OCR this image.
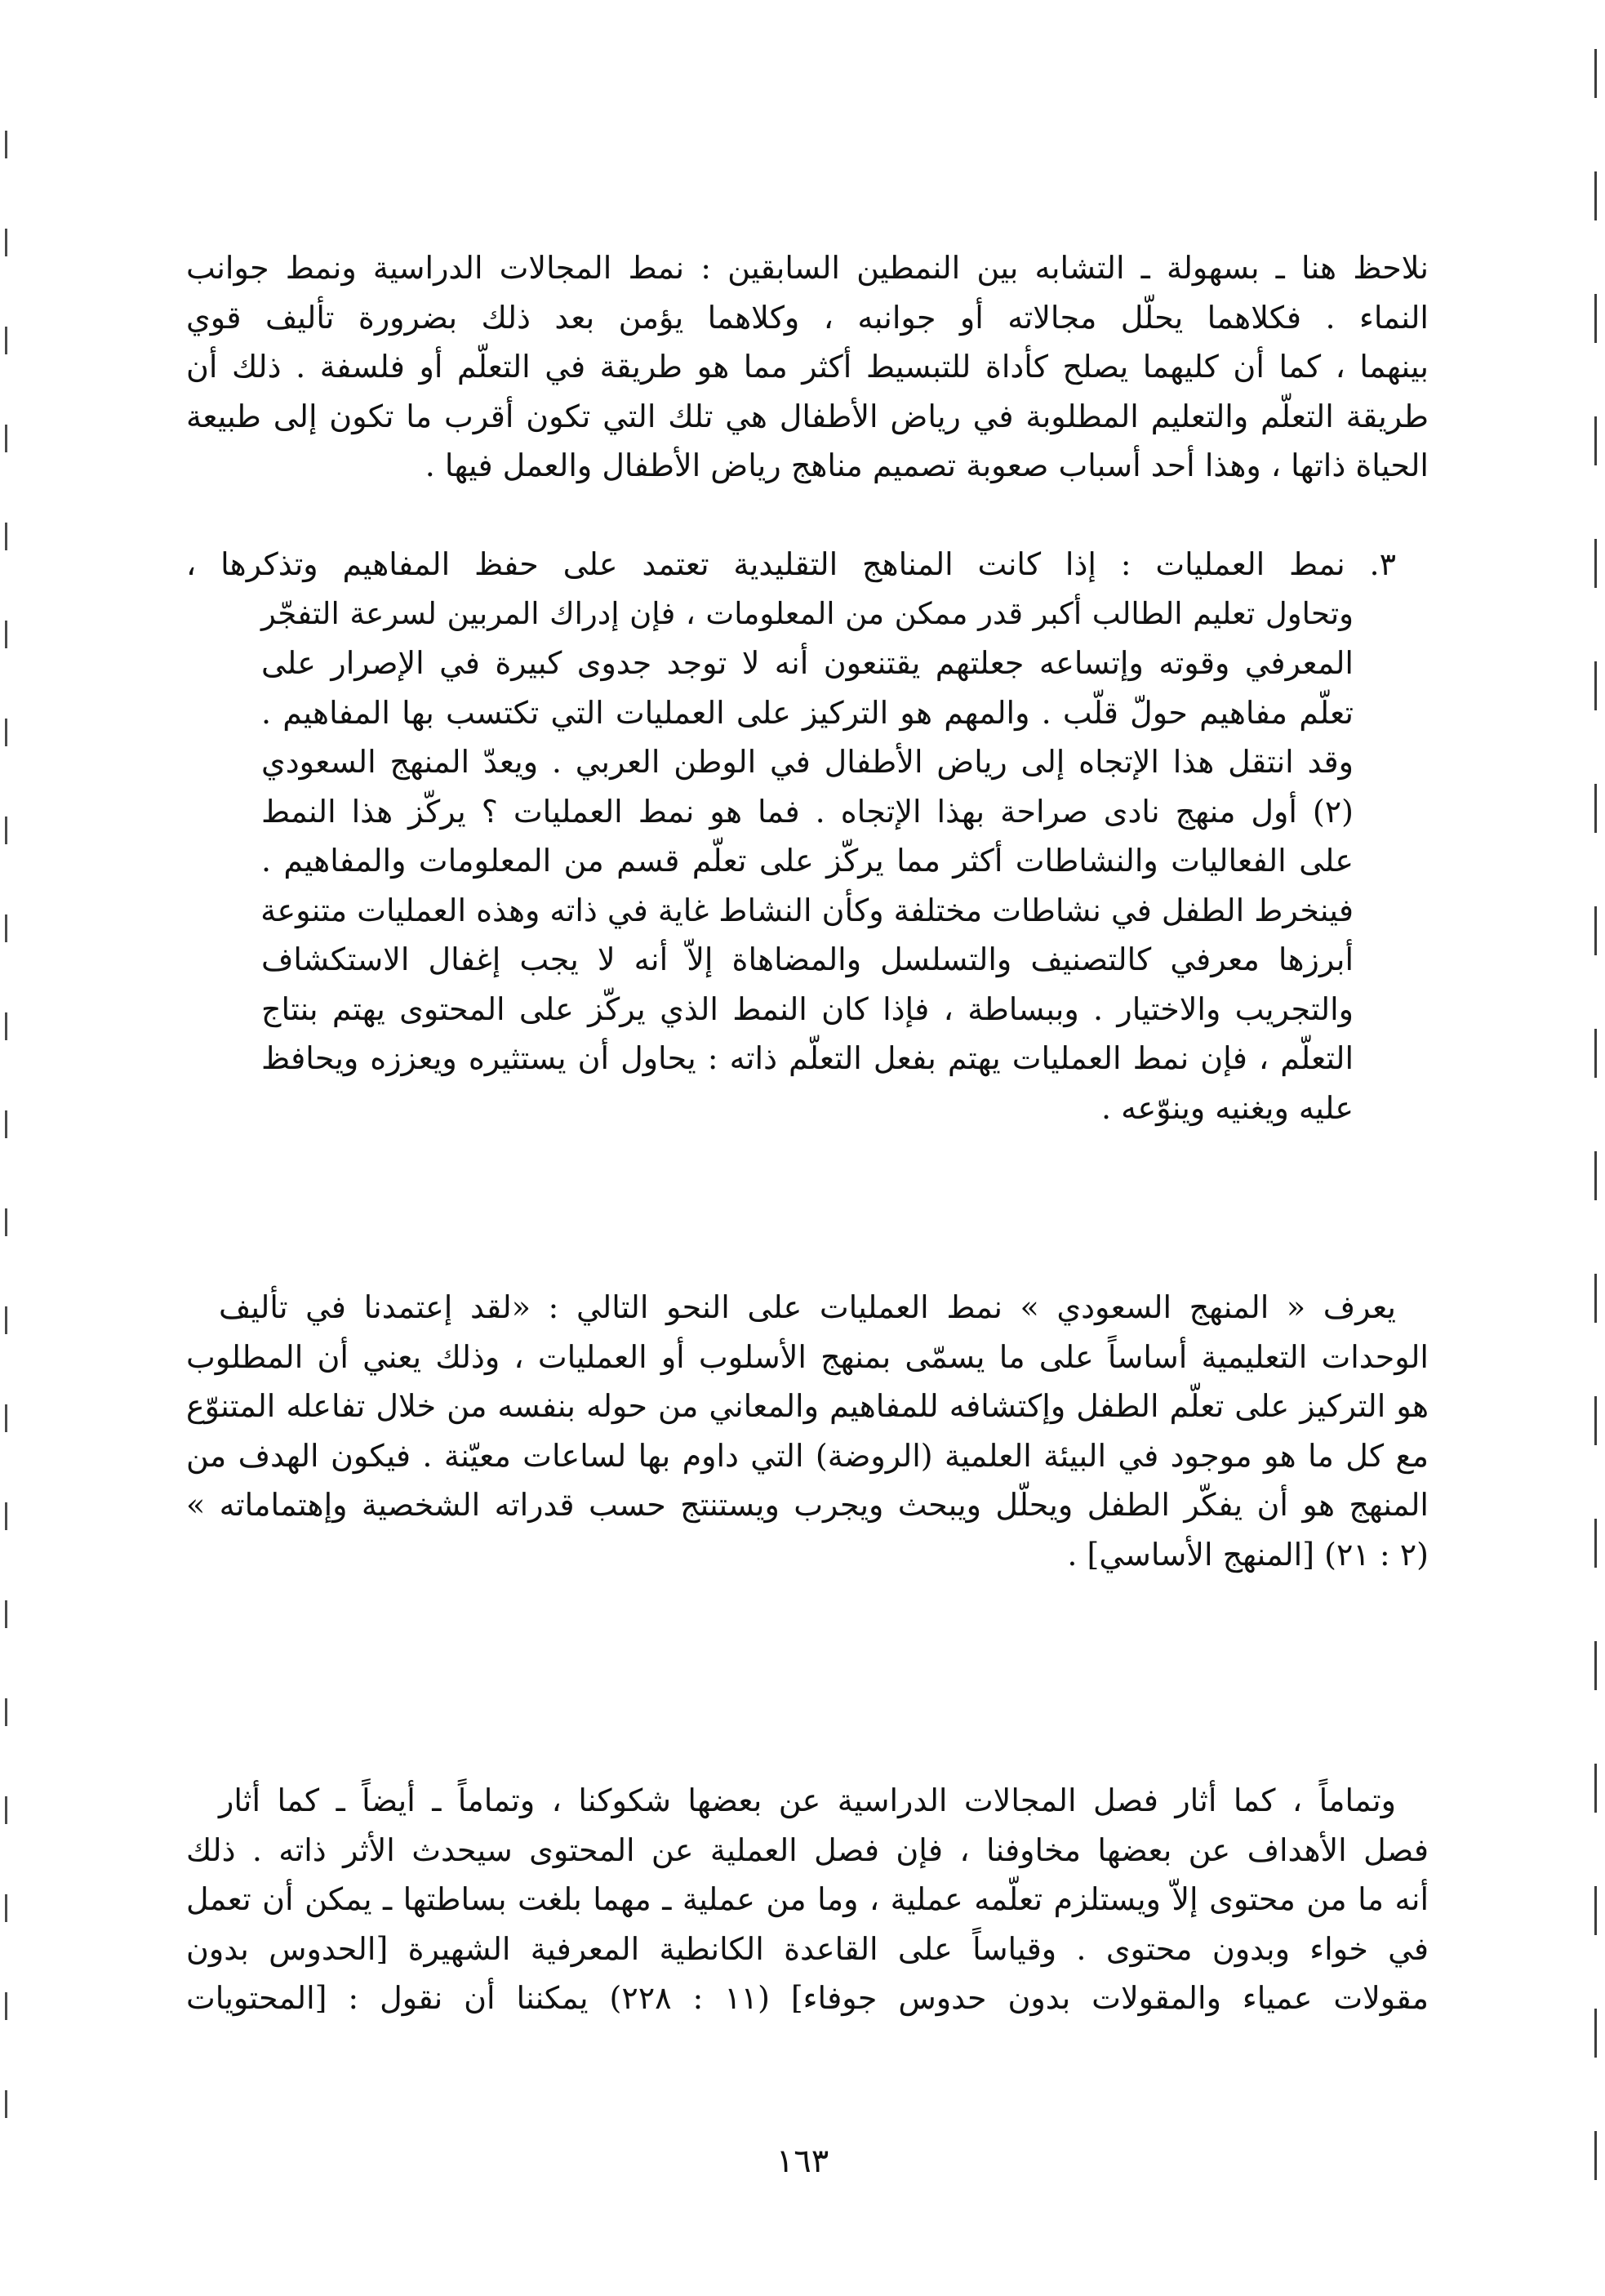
نلاحظ هنا ـ بسهولة ـ التشابه بين النمطين السابقين : نمط المجالات الدراسية ونمط جوانب
النماء . فكلاهما يحلّل مجالاته أو جوانبه ، وكلاهما يؤمن بعد ذلك بضرورة تأليف قوي
بينهما ، كما أن كليهما يصلح كأداة للتبسيط أكثر مما هو طريقة في التعلّم أو فلسفة . ذلك أن
طريقة التعلّم والتعليم المطلوبة في رياض الأطفال هي تلك التي تكون أقرب ما تكون إلى طبيعة
الحياة ذاتها ، وهذا أحد أسباب صعوبة تصميم مناهج رياض الأطفال والعمل فيها .
٣. نمط العمليات : إذا كانت المناهج التقليدية تعتمد على حفظ المفاهيم وتذكرها ،
وتحاول تعليم الطالب أكبر قدر ممكن من المعلومات ، فإن إدراك المربين لسرعة التفجّر
المعرفي وقوته وإتساعه جعلتهم يقتنعون أنه لا توجد جدوى كبيرة في الإصرار على
تعلّم مفاهيم حولّ قلّب . والمهم هو التركيز على العمليات التي تكتسب بها المفاهيم .
وقد انتقل هذا الإتجاه إلى رياض الأطفال في الوطن العربي . ويعدّ المنهج السعودي
(٢) أول منهج نادى صراحة بهذا الإتجاه . فما هو نمط العمليات ؟ يركّز هذا النمط
على الفعاليات والنشاطات أكثر مما يركّز على تعلّم قسم من المعلومات والمفاهيم .
فينخرط الطفل في نشاطات مختلفة وكأن النشاط غاية في ذاته وهذه العمليات متنوعة
أبرزها معرفي كالتصنيف والتسلسل والمضاهاة إلاّ أنه لا يجب إغفال الاستكشاف
والتجريب والاختيار . وببساطة ، فإذا كان النمط الذي يركّز على المحتوى يهتم بنتاج
التعلّم ، فإن نمط العمليات يهتم بفعل التعلّم ذاته : يحاول أن يستثيره ويعززه ويحافظ
عليه ويغنيه وينوّعه .
يعرف « المنهج السعودي » نمط العمليات على النحو التالي : «لقد إعتمدنا في تأليف
الوحدات التعليمية أساساً على ما يسمّى بمنهج الأسلوب أو العمليات ، وذلك يعني أن المطلوب
هو التركيز على تعلّم الطفل وإكتشافه للمفاهيم والمعاني من حوله بنفسه من خلال تفاعله المتنوّع
مع كل ما هو موجود في البيئة العلمية (الروضة) التي داوم بها لساعات معيّنة . فيكون الهدف من
المنهج هو أن يفكّر الطفل ويحلّل ويبحث ويجرب ويستنتج حسب قدراته الشخصية وإهتماماته »
(٢ : ٢١) [المنهج الأساسي] .
وتماماً ، كما أثار فصل المجالات الدراسية عن بعضها شكوكنا ، وتماماً ـ أيضاً ـ كما أثار
فصل الأهداف عن بعضها مخاوفنا ، فإن فصل العملية عن المحتوى سيحدث الأثر ذاته . ذلك
أنه ما من محتوى إلاّ ويستلزم تعلّمه عملية ، وما من عملية ـ مهما بلغت بساطتها ـ يمكن أن تعمل
في خواء وبدون محتوى . وقياساً على القاعدة الكانطية المعرفية الشهيرة [الحدوس بدون
مقولات عمياء والمقولات بدون حدوس جوفاء] (١١ : ٢٢٨) يمكننا أن نقول : [المحتويات
١٦٣
